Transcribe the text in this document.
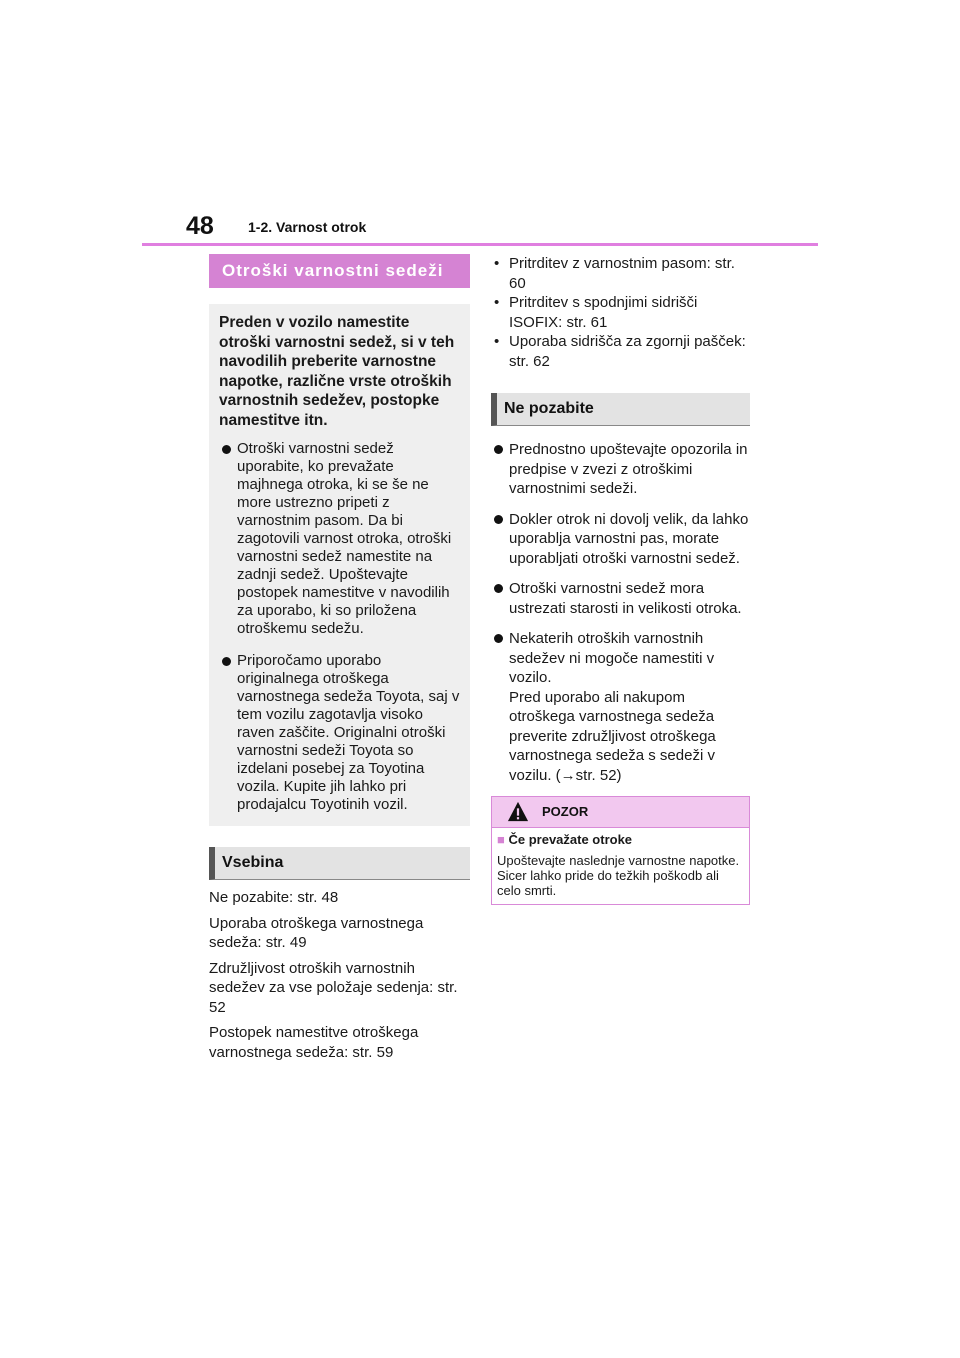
48 1-2. Varnost otrok
Otroški varnostni sedeži

Preden v vozilo namestite otroški varnostni sedež, si v teh navodilih preberite varnostne napotke, različne vrste otroških varnostnih sedežev, postopke namestitve itn.

Otroški varnostni sedež uporabite, ko prevažate majhnega otroka, ki se še ne more ustrezno pripeti z varnostnim pasom. Da bi zagotovili varnost otroka, otroški varnostni sedež namestite na zadnji sedež. Upoštevajte postopek namestitve v navodilih za uporabo, ki so priložena otroškemu sedežu.
Priporočamo uporabo originalnega otroškega varnostnega sedeža Toyota, saj v tem vozilu zagotavlja visoko raven zaščite. Originalni otroški varnostni sedeži Toyota so izdelani posebej za Toyotina vozila. Kupite jih lahko pri prodajalcu Toyotinih vozil.
Vsebina

Ne pozabite: str. 48

Uporaba otroškega varnostnega sedeža: str. 49

Združljivost otroških varnostnih sedežev za vse položaje sedenja: str. 52

Postopek namestitve otroškega varnostnega sedeža: str. 59

• Pritrditev z varnostnim pasom: str. 60
• Pritrditev s spodnjimi sidrišči ISOFIX: str. 61
• Uporaba sidrišča za zgornji pašček: str. 62
Ne pozabite
Prednostno upoštevajte opozorila in predpise v zvezi z otroškimi varnostnimi sedeži.
Dokler otrok ni dovolj velik, da lahko uporablja varnostni pas, morate uporabljati otroški varnostni sedež.
Otroški varnostni sedež mora ustrezati starosti in velikosti otroka.
Nekaterih otroških varnostnih sedežev ni mogoče namestiti v vozilo.
Pred uporabo ali nakupom otroškega varnostnega sedeža preverite združljivost otroškega varnostnega sedeža s sedeži v vozilu. (→str. 52)
POZOR
■ Če prevažate otroke
Upoštevajte naslednje varnostne napotke.
Sicer lahko pride do težkih poškodb ali celo smrti.
